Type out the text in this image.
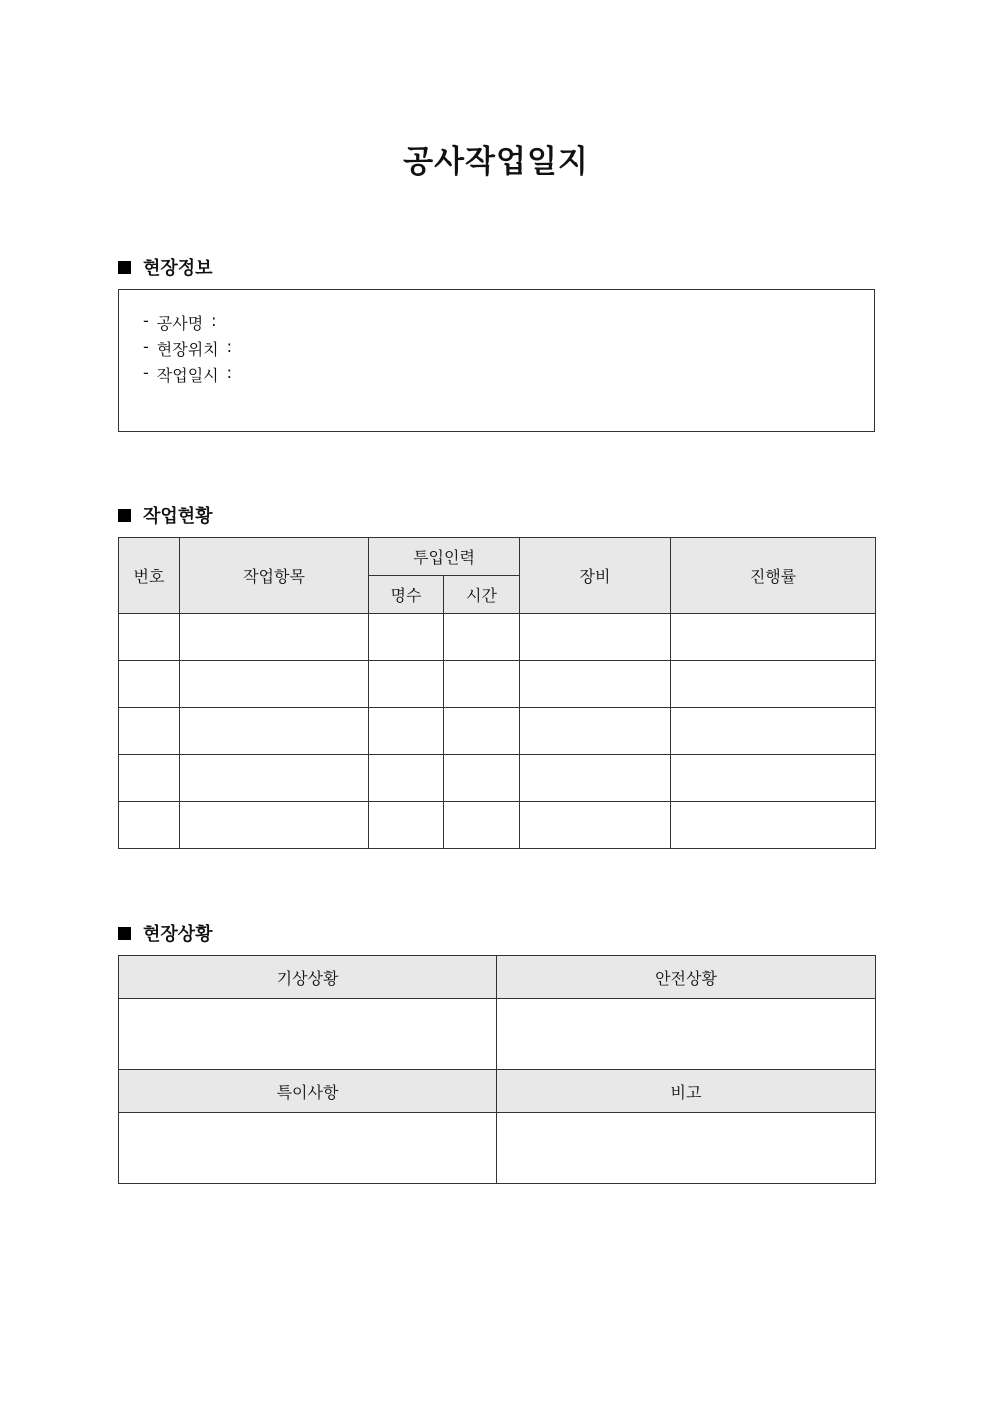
공사작업일지
현장정보
- 공사명 :
- 현장위치 :
- 작업일시 :
작업현황
번호	작업항목	투입인력		장비	진행률
		명수	시간		

현장상황
기상상황	안전상황

특이사항	비고
